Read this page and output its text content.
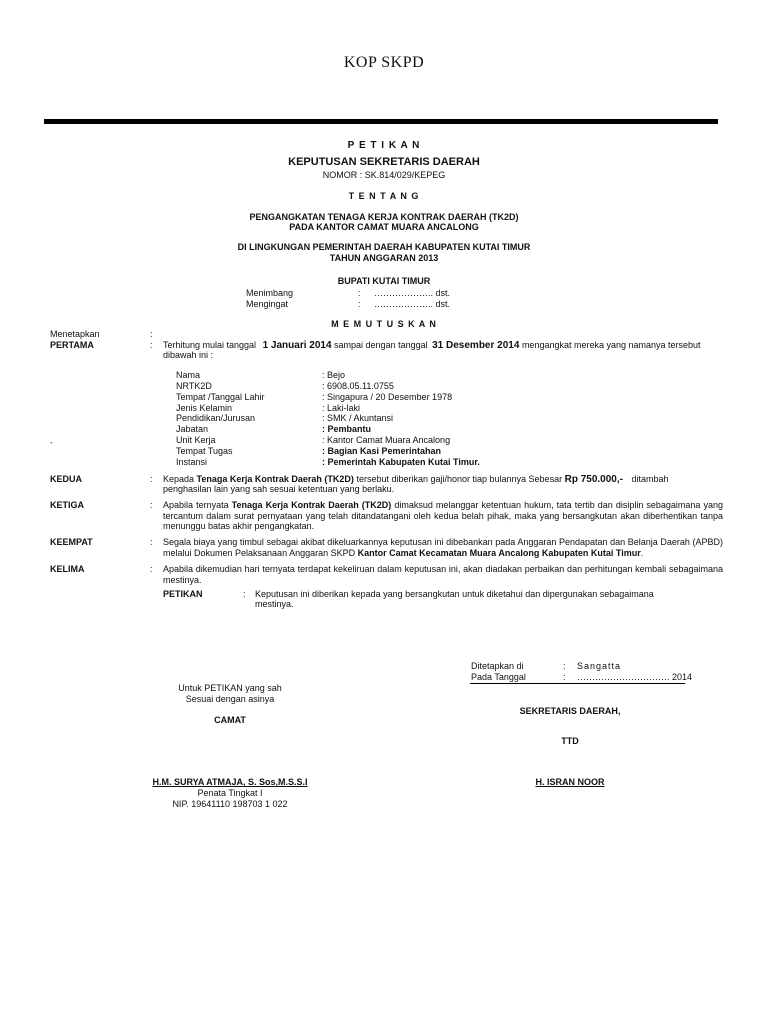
KOP SKPD
P E T I K A N
KEPUTUSAN SEKRETARIS DAERAH
NOMOR : SK.814/029/KEPEG
T E N T A N G
PENGANGKATAN TENAGA KERJA KONTRAK DAERAH (TK2D)
PADA KANTOR CAMAT MUARA ANCALONG
DI LINGKUNGAN PEMERINTAH DAERAH KABUPATEN KUTAI TIMUR
TAHUN ANGGARAN 2013
BUPATI KUTAI TIMUR
Menimbang	: ……………….. dst.
Mengingat	: ……………….. dst.
M E M U T U S K A N
Menetapkan	:
PERTAMA	: Terhitung mulai tanggal 1 Januari 2014 sampai dengan tanggal 31 Desember 2014 mengangkat mereka yang namanya tersebut
dibawah ini :
Nama	: Bejo
NRTK2D	: 6908.05.11.0755
Tempat /Tanggal Lahir	: Singapura / 20 Desember 1978
Jenis Kelamin	: Laki-laki
Pendidikan/Jurusan	: SMK / Akuntansi
Jabatan	: Pembantu
Unit Kerja	: Kantor Camat Muara Ancalong
Tempat Tugas	: Bagian Kasi Pemerintahan
Instansi	: Pemerintah Kabupaten Kutai Timur.
`
KEDUA	: Kepada Tenaga Kerja Kontrak Daerah (TK2D) tersebut diberikan gaji/honor tiap bulannya Sebesar Rp 750.000,- ditambah
penghasilan lain yang sah sesuai ketentuan yang berlaku.
KETIGA	: Apabila ternyata Tenaga Kerja Kontrak Daerah (TK2D) dimaksud melanggar ketentuan hukum, tata tertib dan disiplin sebagaimana yang tercantum dalam surat pernyataan yang telah ditandatangani oleh kedua belah pihak, maka yang bersangkutan akan diberhentikan tanpa menunggu batas akhir pengangkatan.
KEEMPAT	: Segala biaya yang timbul sebagai akibat dikeluarkannya keputusan ini dibebankan pada Anggaran Pendapatan dan Belanja Daerah (APBD) melalui Dokumen Pelaksanaan Anggaran SKPD Kantor Camat Kecamatan Muara Ancalong Kabupaten Kutai Timur.
KELIMA	: Apabila dikemudian hari ternyata terdapat kekeliruan dalam keputusan ini, akan diadakan perbaikan dan perhitungan kembali sebagaimana mestinya.
PETIKAN	: Keputusan ini diberikan kepada yang bersangkutan untuk diketahui dan dipergunakan sebagaimana
mestinya.
Ditetapkan di	: Sangatta
Pada Tanggal	: …………………………. 2014
Untuk PETIKAN yang sah
Sesuai dengan asinya
CAMAT
H.M. SURYA ATMAJA, S. Sos,M.S.S.I
Penata Tingkat I
NIP. 19641110 198703 1 022
SEKRETARIS DAERAH,
TTD
H. ISRAN NOOR
